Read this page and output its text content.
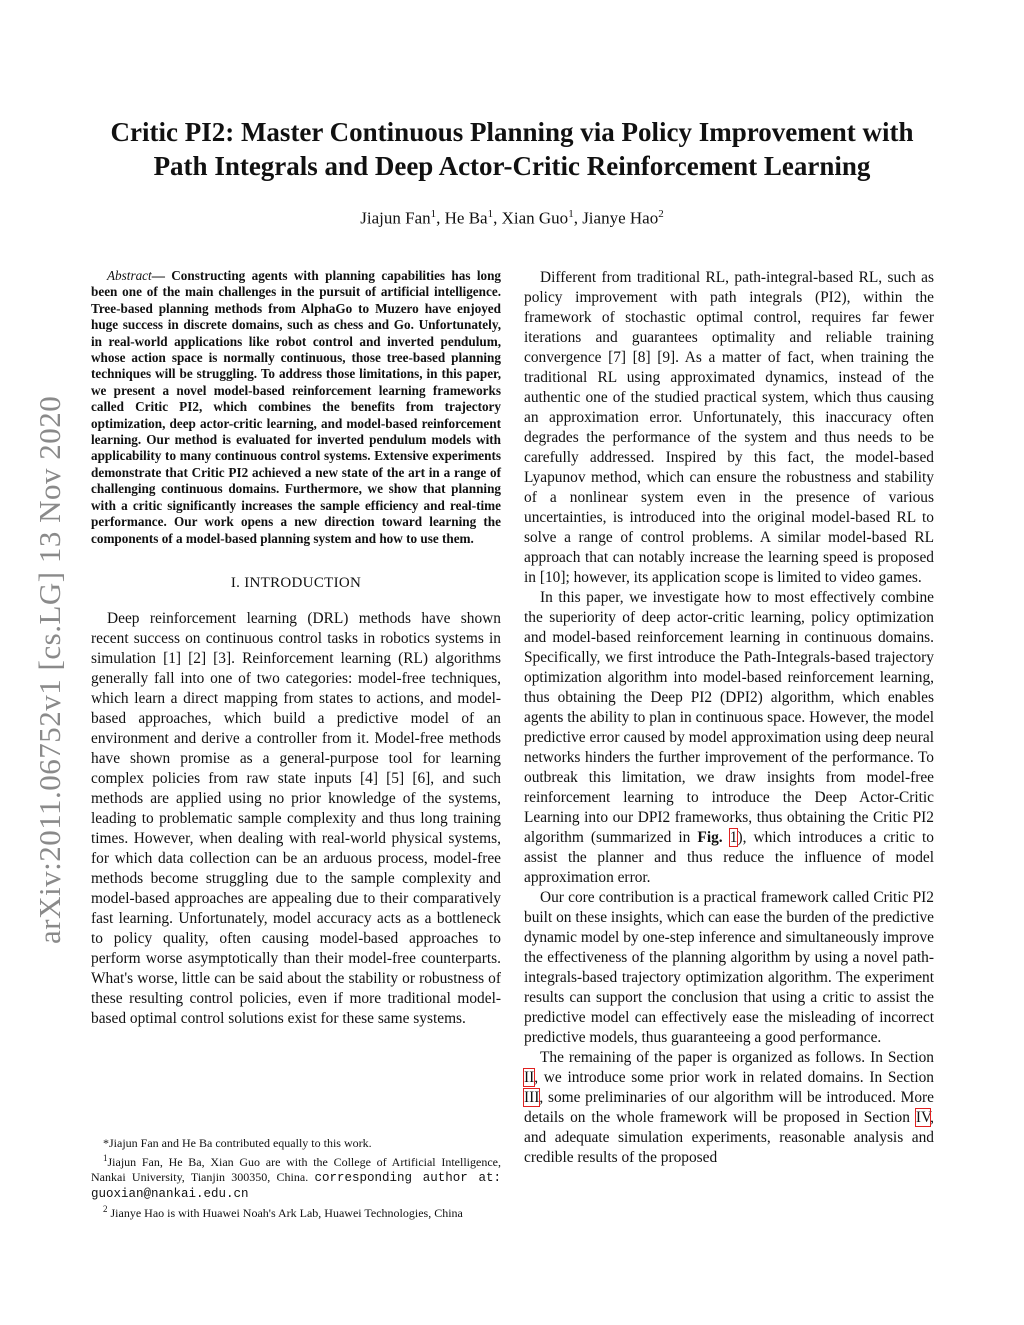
arXiv:2011.06752v1 [cs.LG] 13 Nov 2020
Critic PI2: Master Continuous Planning via Policy Improvement with
Path Integrals and Deep Actor-Critic Reinforcement Learning
Jiajun Fan$^1$, He Ba$^1$, Xian Guo$^1$, Jianye Hao$^2$

Abstract— Constructing agents with planning capabilities has long been one of the main challenges in the pursuit of artificial intelligence. Tree-based planning methods from AlphaGo to Muzero have enjoyed huge success in discrete domains, such as chess and Go. Unfortunately, in real-world applications like robot control and inverted pendulum, whose action space is normally continuous, those tree-based planning techniques will be struggling. To address those limitations, in this paper, we present a novel model-based reinforcement learning frameworks called Critic PI2, which combines the benefits from trajectory optimization, deep actor-critic learning, and model-based reinforcement learning. Our method is evaluated for inverted pendulum models with applicability to many continuous control systems. Extensive experiments demonstrate that Critic PI2 achieved a new state of the art in a range of challenging continuous domains. Furthermore, we show that planning with a critic significantly increases the sample efficiency and real-time performance. Our work opens a new direction toward learning the components of a model-based planning system and how to use them.

I. INTRODUCTION

Deep reinforcement learning (DRL) methods have shown recent success on continuous control tasks in robotics systems in simulation [1] [2] [3]. Reinforcement learning (RL) algorithms generally fall into one of two categories: model-free techniques, which learn a direct mapping from states to actions, and model-based approaches, which build a predictive model of an environment and derive a controller from it. Model-free methods have shown promise as a general-purpose tool for learning complex policies from raw state inputs [4] [5] [6], and such methods are applied using no prior knowledge of the systems, leading to problematic sample complexity and thus long training times. However, when dealing with real-world physical systems, for which data collection can be an arduous process, model-free methods become struggling due to the sample complexity and model-based approaches are appealing due to their comparatively fast learning. Unfortunately, model accuracy acts as a bottleneck to policy quality, often causing model-based approaches to perform worse asymptotically than their model-free counterparts. What's worse, little can be said about the stability or robustness of these resulting control policies, even if more traditional model-based optimal control solutions exist for these same systems.

*Jiajun Fan and He Ba contributed equally to this work.

$^1$Jiajun Fan, He Ba, Xian Guo are with the College of Artificial Intelligence, Nankai University, Tianjin 300350, China. corresponding author at: guoxian@nankai.edu.cn

$^2$ Jianye Hao is with Huawei Noah's Ark Lab, Huawei Technologies, China

Different from traditional RL, path-integral-based RL, such as policy improvement with path integrals (PI2), within the framework of stochastic optimal control, requires far fewer iterations and guarantees optimality and reliable training convergence [7] [8] [9]. As a matter of fact, when training the traditional RL using approximated dynamics, instead of the authentic one of the studied practical system, which thus causing an approximation error. Unfortunately, this inaccuracy often degrades the performance of the system and thus needs to be carefully addressed. Inspired by this fact, the model-based Lyapunov method, which can ensure the robustness and stability of a nonlinear system even in the presence of various uncertainties, is introduced into the original model-based RL to solve a range of control problems. A similar model-based RL approach that can notably increase the learning speed is proposed in [10]; however, its application scope is limited to video games.

In this paper, we investigate how to most effectively combine the superiority of deep actor-critic learning, policy optimization and model-based reinforcement learning in continuous domains. Specifically, we first introduce the Path-Integrals-based trajectory optimization algorithm into model-based reinforcement learning, thus obtaining the Deep PI2 (DPI2) algorithm, which enables agents the ability to plan in continuous space. However, the model predictive error caused by model approximation using deep neural networks hinders the further improvement of the performance. To outbreak this limitation, we draw insights from model-free reinforcement learning to introduce the Deep Actor-Critic Learning into our DPI2 frameworks, thus obtaining the Critic PI2 algorithm (summarized in Fig. 1), which introduces a critic to assist the planner and thus reduce the influence of model approximation error.

Our core contribution is a practical framework called Critic PI2 built on these insights, which can ease the burden of the predictive dynamic model by one-step inference and simultaneously improve the effectiveness of the planning algorithm by using a novel path-integrals-based trajectory optimization algorithm. The experiment results can support the conclusion that using a critic to assist the predictive model can effectively ease the misleading of incorrect predictive models, thus guaranteeing a good performance.

The remaining of the paper is organized as follows. In Section II, we introduce some prior work in related domains. In Section III, some preliminaries of our algorithm will be introduced. More details on the whole framework will be proposed in Section IV, and adequate simulation experiments, reasonable analysis and credible results of the proposed
